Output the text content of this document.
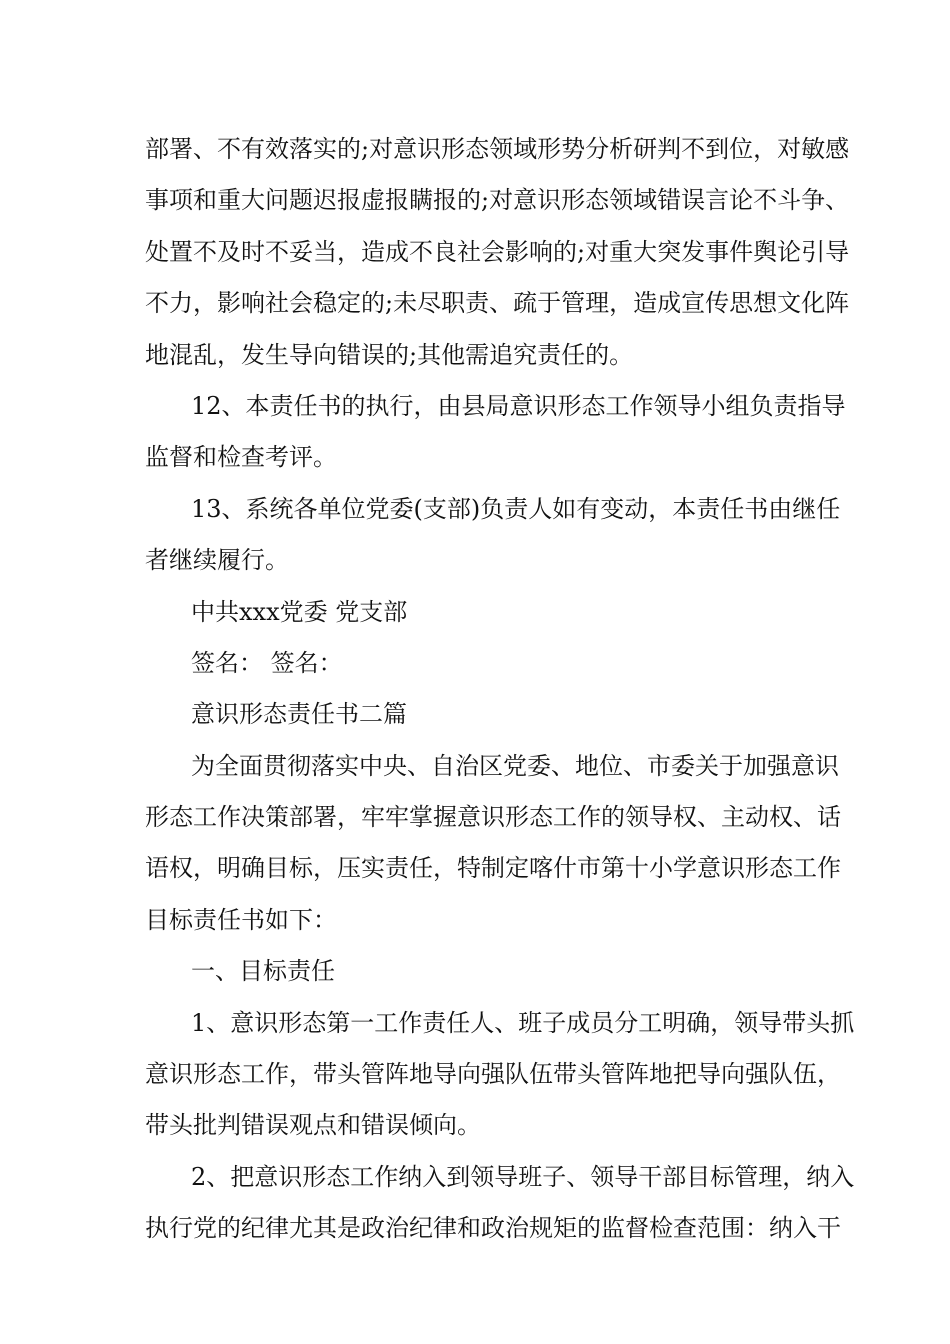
部署、不有效落实的;对意识形态领域形势分析研判不到位，对敏感
事项和重大问题迟报虚报瞒报的;对意识形态领域错误言论不斗争、
处置不及时不妥当，造成不良社会影响的;对重大突发事件舆论引导
不力，影响社会稳定的;未尽职责、疏于管理，造成宣传思想文化阵
地混乱，发生导向错误的;其他需追究责任的。
12、本责任书的执行，由县局意识形态工作领导小组负责指导
监督和检查考评。
13、系统各单位党委(支部)负责人如有变动，本责任书由继任
者继续履行。
中共xxx党委 党支部
签名： 签名：
意识形态责任书二篇
为全面贯彻落实中央、自治区党委、地位、市委关于加强意识
形态工作决策部署，牢牢掌握意识形态工作的领导权、主动权、话
语权，明确目标，压实责任，特制定喀什市第十小学意识形态工作
目标责任书如下：
一、目标责任
1、意识形态第一工作责任人、班子成员分工明确，领导带头抓
意识形态工作，带头管阵地导向强队伍带头管阵地把导向强队伍，
带头批判错误观点和错误倾向。
2、把意识形态工作纳入到领导班子、领导干部目标管理，纳入
执行党的纪律尤其是政治纪律和政治规矩的监督检查范围：纳入干
